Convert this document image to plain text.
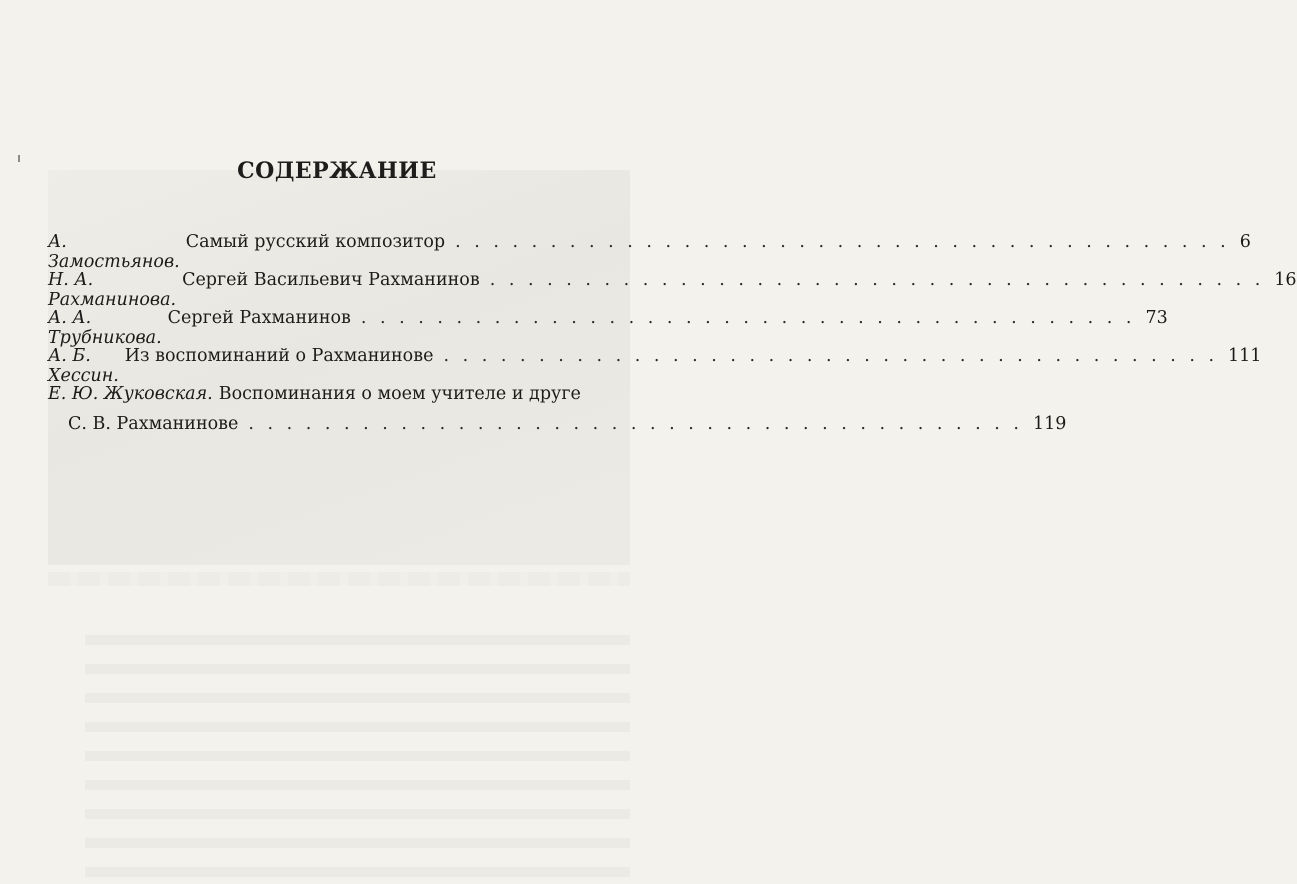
СОДЕРЖАНИЕ
А. Замостьянов.
Самый русский композитор . . . . . . . . . . . . . . . . . . . . . . . . . . . . . . . . . . . . . . . . . 6
Н. А. Рахманинова.
Сергей Васильевич Рахманинов . . . . . . . . . . . . . . . . . . . . . . . . . . . . . . . . . . . . . . . . . 16
А. А. Трубникова.
Сергей Рахманинов . . . . . . . . . . . . . . . . . . . . . . . . . . . . . . . . . . . . . . . . . 73
А. Б. Хессин.
Из воспоминаний о Рахманинове . . . . . . . . . . . . . . . . . . . . . . . . . . . . . . . . . . . . . . . . . 111
Е. Ю. Жуковская. Воспоминания о моем учителе и друге
С. В. Рахманинове . . . . . . . . . . . . . . . . . . . . . . . . . . . . . . . . . . . . . . . . . 119
